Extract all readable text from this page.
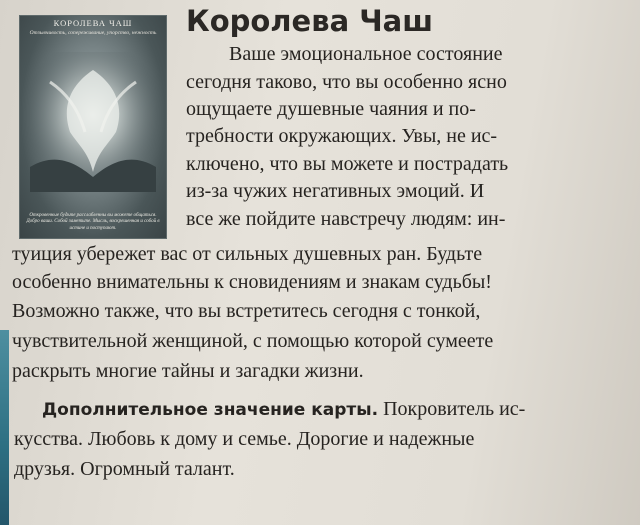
КОРОЛЕВА ЧАШ
Отзывчивость, сопереживание, упорство, нежность
Откровенные будьте расслабленны вы можете общаться. Добро ваши. Собой заметьте. Мысль, воскрешенная и собой в истине и поступают.
Королева Чаш
Ваше эмоциональное состояние
сегодня таково, что вы особенно ясно
ощущаете душевные чаяния и по-
требности окружающих. Увы, не ис-
ключено, что вы можете и пострадать
из-за чужих негативных эмоций. И
все же пойдите навстречу людям: ин-
туиция убережет вас от сильных душевных ран. Будьте
особенно внимательны к сновидениям и знакам судьбы!
Возможно также, что вы встретитесь сегодня с тонкой,
чувствительной женщиной, с помощью которой сумеете
раскрыть многие тайны и загадки жизни.
Дополнительное значение карты. Покровитель ис-
кусства. Любовь к дому и семье. Дорогие и надежные
друзья. Огромный талант.
